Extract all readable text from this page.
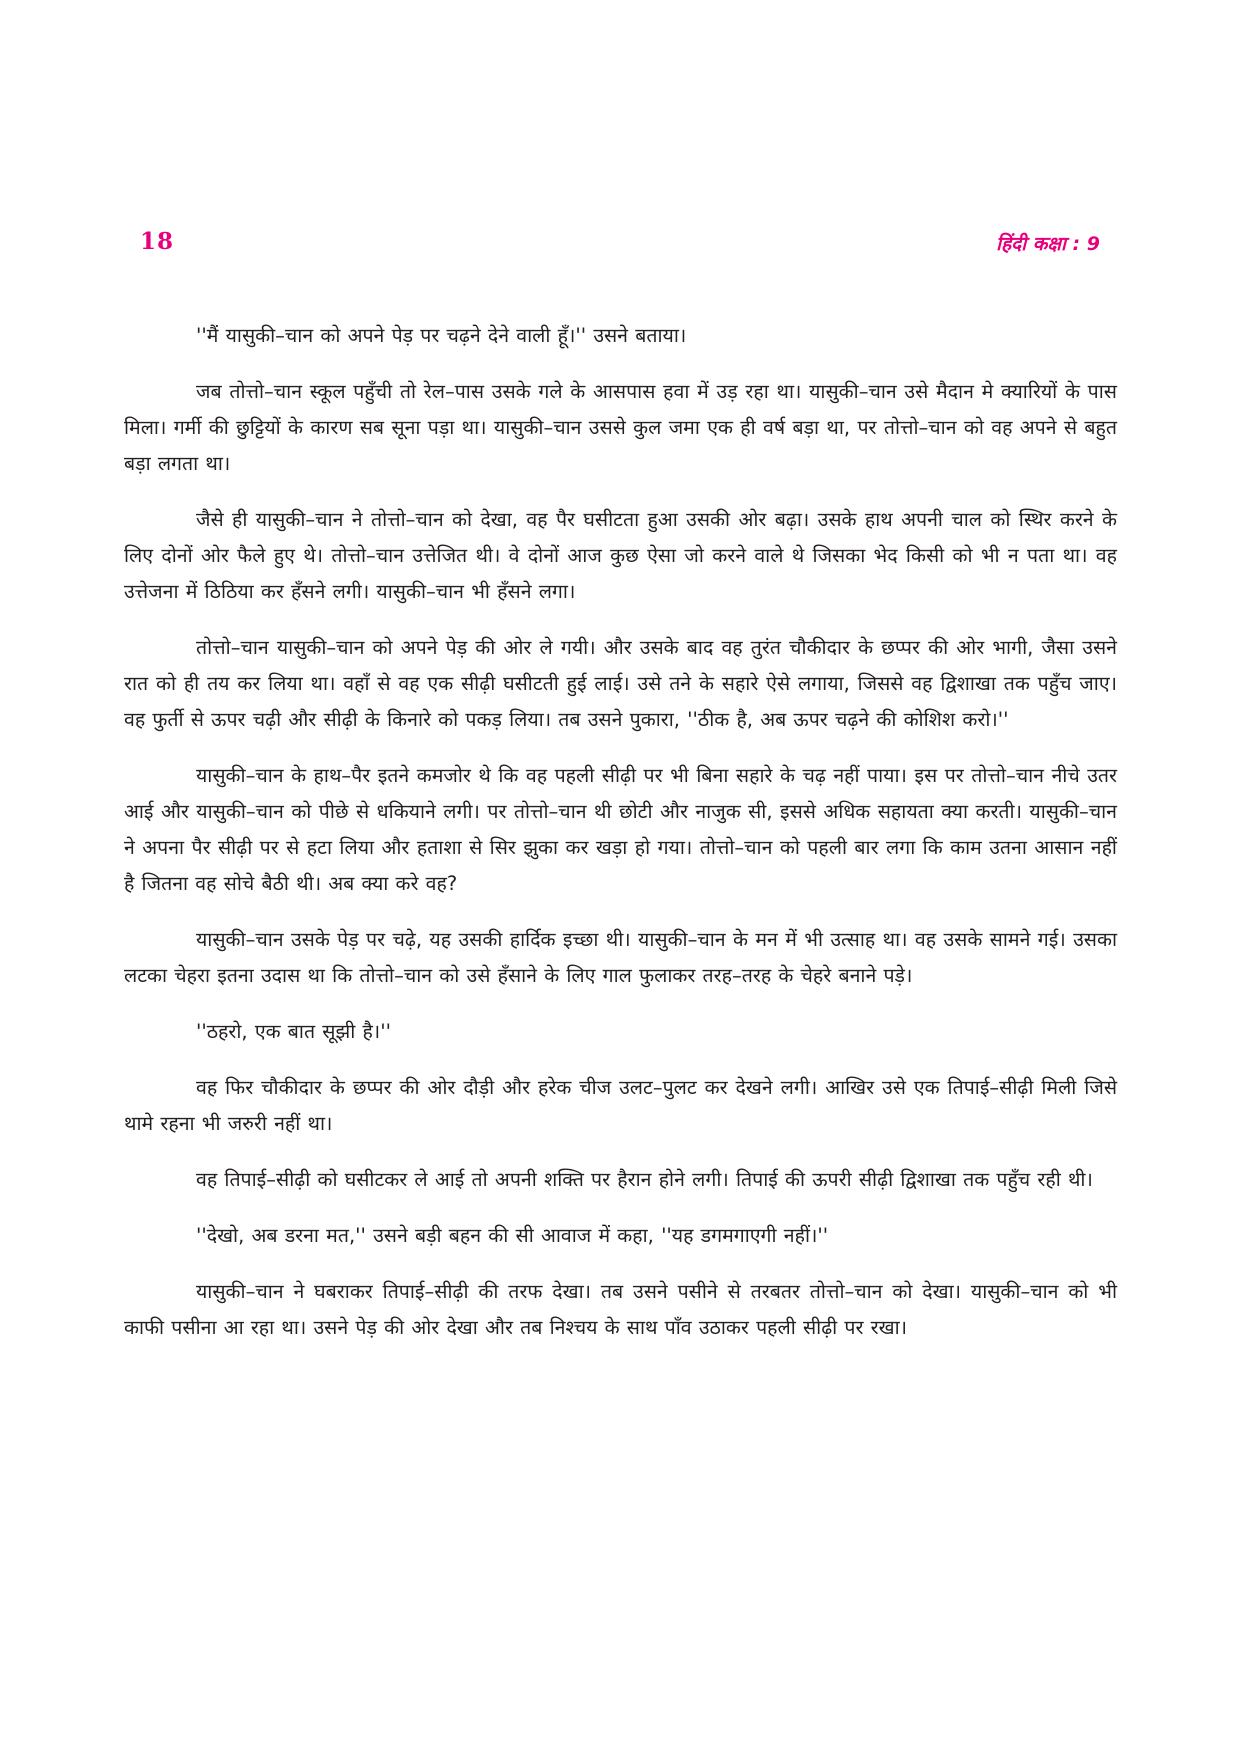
18	हिंदी कक्षा : 9

''मैं यासुकी–चान को अपने पेड़ पर चढ़ने देने वाली हूँ।'' उसने बताया।

जब तोत्तो–चान स्कूल पहुँची तो रेल–पास उसके गले के आसपास हवा में उड़ रहा था। यासुकी–चान उसे मैदान मे क्यारियों के पास मिला। गर्मी की छुट्टियों के कारण सब सूना पड़ा था। यासुकी–चान उससे कुल जमा एक ही वर्ष बड़ा था, पर तोत्तो–चान को वह अपने से बहुत बड़ा लगता था।

जैसे ही यासुकी–चान ने तोत्तो–चान को देखा, वह पैर घसीटता हुआ उसकी ओर बढ़ा। उसके हाथ अपनी चाल को स्थिर करने के लिए दोनों ओर फैले हुए थे। तोत्तो–चान उत्तेजित थी। वे दोनों आज कुछ ऐसा जो करने वाले थे जिसका भेद किसी को भी न पता था। वह उत्तेजना में ठिठिया कर हँसने लगी। यासुकी–चान भी हँसने लगा।

तोत्तो–चान यासुकी–चान को अपने पेड़ की ओर ले गयी। और उसके बाद वह तुरंत चौकीदार के छप्पर की ओर भागी, जैसा उसने रात को ही तय कर लिया था। वहाँ से वह एक सीढ़ी घसीटती हुई लाई। उसे तने के सहारे ऐसे लगाया, जिससे वह द्विशाखा तक पहुँच जाए। वह फुर्ती से ऊपर चढ़ी और सीढ़ी के किनारे को पकड़ लिया। तब उसने पुकारा, ''ठीक है, अब ऊपर चढ़ने की कोशिश करो।''

यासुकी–चान के हाथ–पैर इतने कमजोर थे कि वह पहली सीढ़ी पर भी बिना सहारे के चढ़ नहीं पाया। इस पर तोत्तो–चान नीचे उतर आई और यासुकी–चान को पीछे से धकियाने लगी। पर तोत्तो–चान थी छोटी और नाजुक सी, इससे अधिक सहायता क्या करती। यासुकी–चान ने अपना पैर सीढ़ी पर से हटा लिया और हताशा से सिर झुका कर खड़ा हो गया। तोत्तो–चान को पहली बार लगा कि काम उतना आसान नहीं है जितना वह सोचे बैठी थी। अब क्या करे वह?

यासुकी–चान उसके पेड़ पर चढ़े, यह उसकी हार्दिक इच्छा थी। यासुकी–चान के मन में भी उत्साह था। वह उसके सामने गई। उसका लटका चेहरा इतना उदास था कि तोत्तो–चान को उसे हँसाने के लिए गाल फुलाकर तरह–तरह के चेहरे बनाने पड़े।

''ठहरो, एक बात सूझी है।''

वह फिर चौकीदार के छप्पर की ओर दौड़ी और हरेक चीज उलट–पुलट कर देखने लगी। आखिर उसे एक तिपाई–सीढ़ी मिली जिसे थामे रहना भी जरुरी नहीं था।

वह तिपाई–सीढ़ी को घसीटकर ले आई तो अपनी शक्ति पर हैरान होने लगी। तिपाई की ऊपरी सीढ़ी द्विशाखा तक पहुँच रही थी।

''देखो, अब डरना मत,'' उसने बड़ी बहन की सी आवाज में कहा, ''यह डगमगाएगी नहीं।''

यासुकी–चान ने घबराकर तिपाई–सीढ़ी की तरफ देखा। तब उसने पसीने से तरबतर तोत्तो–चान को देखा। यासुकी–चान को भी काफी पसीना आ रहा था। उसने पेड़ की ओर देखा और तब निश्चय के साथ पाँव उठाकर पहली सीढ़ी पर रखा।
